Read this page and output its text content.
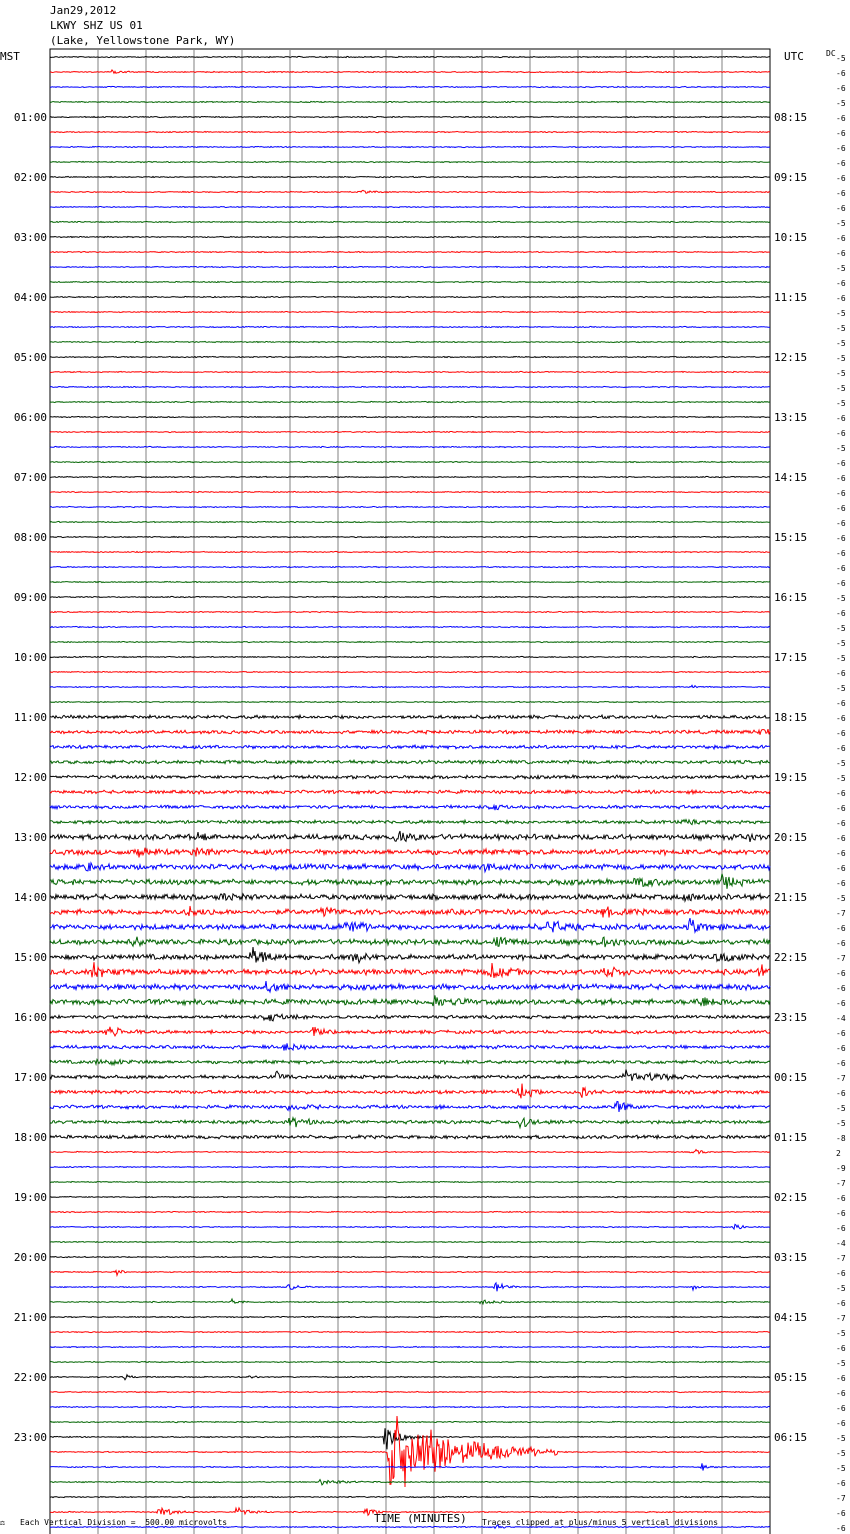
Jan29,2012
LKWY SHZ US 01
(Lake, Yellowstone Park, WY)
MST	UTC	DC
-5
-6
-6
-5
-6
-6
-6
-6
-6
-6
-6
-5
-6
-6
-5
-6
-6
-5
-5
-5
-5
-5
-5
-5
-6
-6
-5
-6
-6
-6
-6
-6
-6
-6
-6
-6
-5
-6
-5
-5
-5
-6
-5
-6
-6
-6
-6
-5
-5
-6
-6
-6
-6
-6
-6
-6
-5
-7
-6
-6
-7
-6
-6
-6
-4
-6
-6
-6
-7
-6
-5
-5
-8
2
-9
-7
-6
-6
-6
-4
-7
-6
-5
-6
-7
-5
-6
-5
-6
-6
-6
-6
-5
-5
-5
-6
-7
-6
-6
01:00
02:00
03:00
04:00
05:00
06:00
07:00
08:00
09:00
10:00
11:00
12:00
13:00
14:00
15:00
16:00
17:00
18:00
19:00
20:00
21:00
22:00
23:00
08:15
09:15
10:15
11:15
12:15
13:15
14:15
15:15
16:15
17:15
18:15
19:15
20:15
21:15
22:15
23:15
00:15
01:15
02:15
03:15
04:15
05:15
06:15
⚖ Each Vertical Division =  500.00 microvolts	TIME (MINUTES) Traces clipped at plus/minus 5 vertical divisions
